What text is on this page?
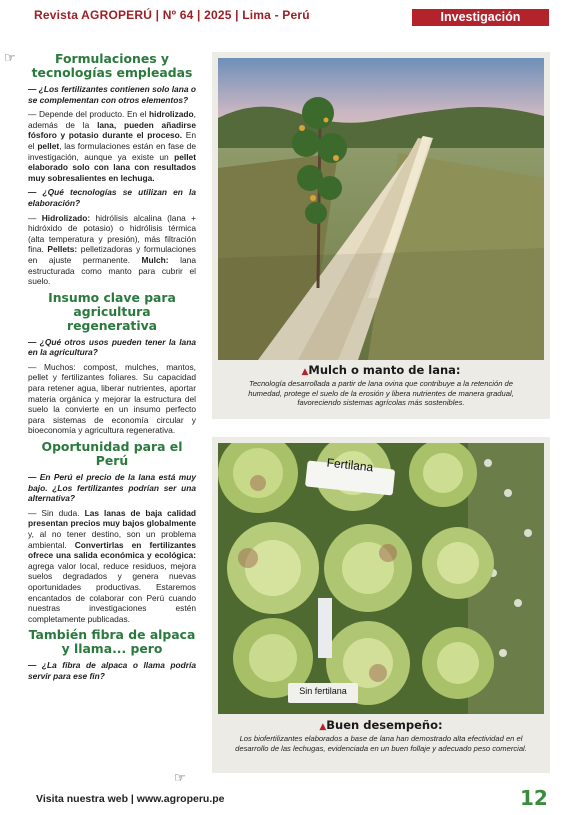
Revista AGROPERÚ | Nº 64 | 2025 | Lima - Perú	Investigación
☞	Formulaciones y tecnologías empleadas

— ¿Los fertilizantes contienen solo lana o se complementan con otros elementos?

— Depende del producto. En el hidrolizado, además de la lana, pueden añadirse fósforo y potasio durante el proceso. En el pellet, las formulaciones están en fase de investigación, aunque ya existe un pellet elaborado solo con lana con resultados muy sobresalientes en lechuga.

— ¿Qué tecnologías se utilizan en la elaboración?

— Hidrolizado: hidrólisis alcalina (lana + hidróxido de potasio) o hidrólisis térmica (alta temperatura y presión), más filtración fina. Pellets: pelletizadoras y formulaciones en ajuste permanente. Mulch: lana estructurada como manto para cubrir el suelo.

Insumo clave para agricultura regenerativa

— ¿Qué otros usos pueden tener la lana en la agricultura?

— Muchos: compost, mulches, mantos, pellet y fertilizantes foliares. Su capacidad para retener agua, liberar nutrientes, aportar materia orgánica y mejorar la estructura del suelo la convierte en un insumo perfecto para sistemas de economía circular y bioeconomía y agricultura regenerativa.

Oportunidad para el Perú

— En Perú el precio de la lana está muy bajo. ¿Los fertilizantes podrían ser una alternativa?

— Sin duda. Las lanas de baja calidad presentan precios muy bajos globalmente y, al no tener destino, son un problema ambiental. Convertirlas en fertilizantes ofrece una salida económica y ecológica: agrega valor local, reduce residuos, mejora suelos degradados y genera nuevas oportunidades productivas. Estaremos encantados de colaborar con Perú cuando nuestras investigaciones estén completamente publicadas.

También fibra de alpaca y llama... pero

— ¿La fibra de alpaca o llama podría servir para ese fin?

☞
▲Mulch o manto de lana:
Tecnología desarrollada a partir de lana ovina que contribuye a la retención de humedad, protege el suelo de la erosión y libera nutrientes de manera gradual, favoreciendo sistemas agrícolas más sostenibles.
Fertilana
Sin fertilana
▲Buen desempeño:
Los biofertilizantes elaborados a base de lana han demostrado alta efectividad en el desarrollo de las lechugas, evidenciada en un buen follaje y adecuado peso comercial.
Visita nuestra web | www.agroperu.pe	12
